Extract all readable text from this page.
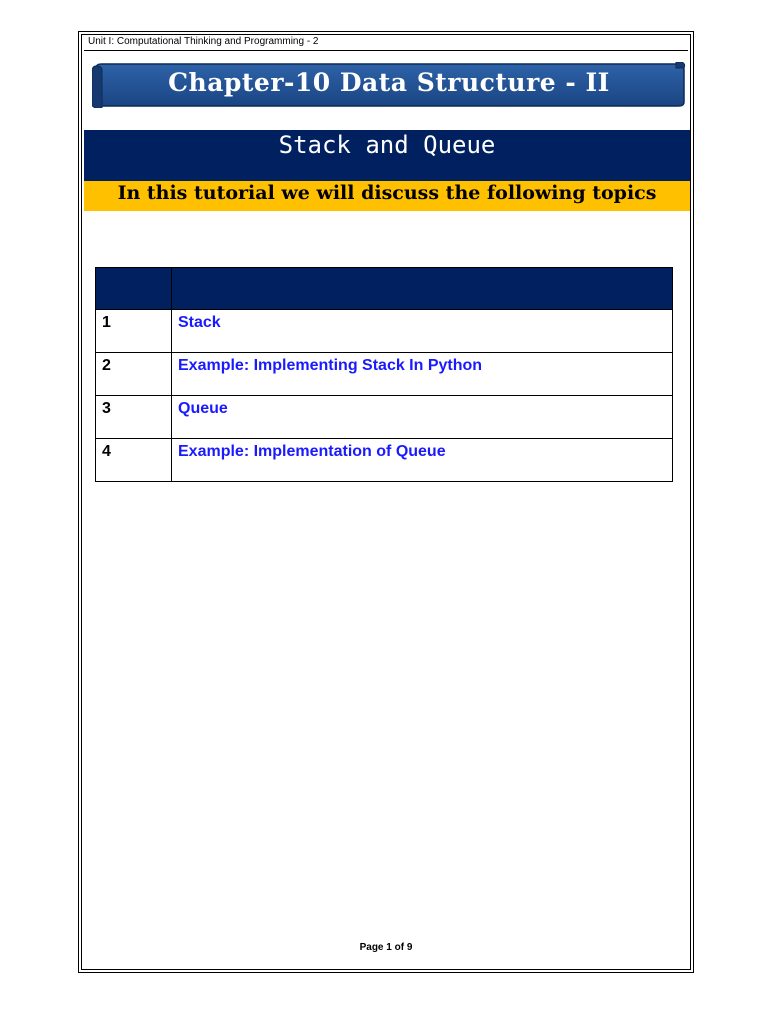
Unit I: Computational Thinking and Programming - 2
Chapter-10 Data Structure - II
Stack and Queue
In this tutorial we will discuss the following topics

1	Stack
2	Example: Implementing Stack In Python
3	Queue
4	Example: Implementation of Queue
Page 1 of 9
